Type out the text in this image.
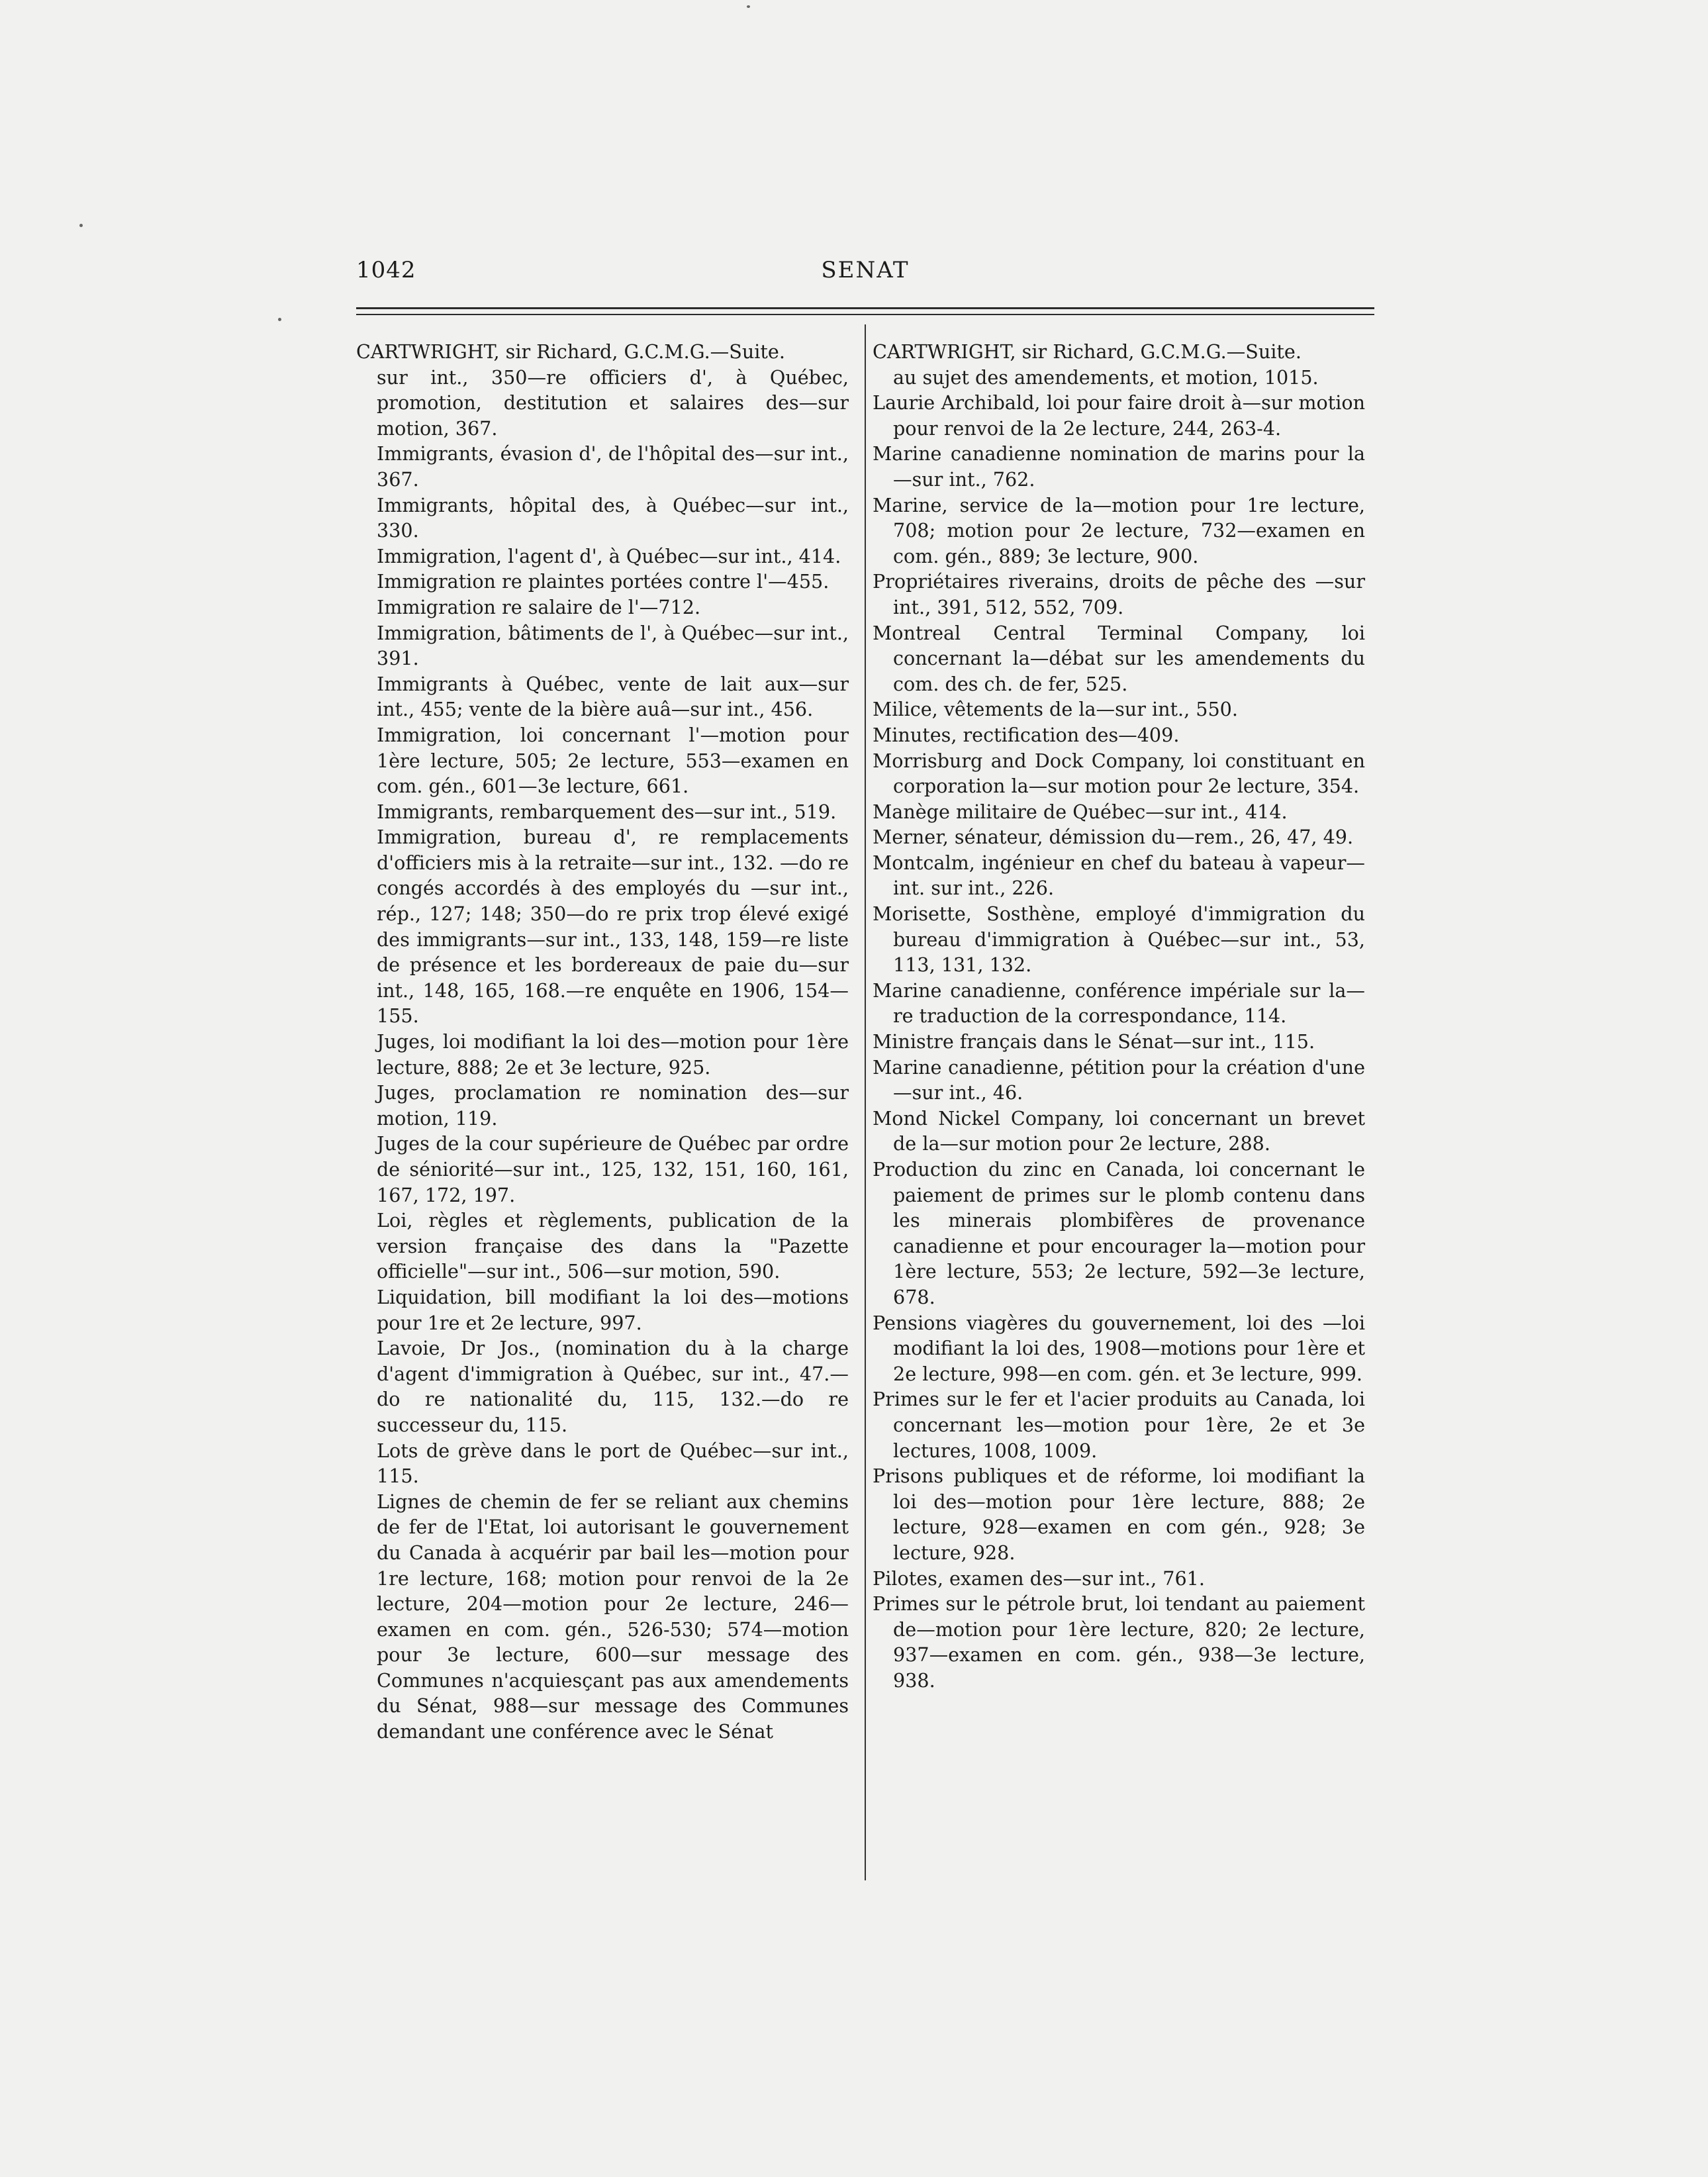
1042	SENAT
CARTWRIGHT, sir Richard, G.C.M.G.—Suite.
sur int., 350—re officiers d', à Québec, promotion, destitution et salaires des—sur motion, 367.
Immigrants, évasion d', de l'hôpital des—sur int., 367.
Immigrants, hôpital des, à Québec—sur int., 330.
Immigration, l'agent d', à Québec—sur int., 414.
Immigration re plaintes portées contre l'—455.
Immigration re salaire de l'—712.
Immigration, bâtiments de l', à Québec—sur int., 391.
Immigrants à Québec, vente de lait aux—sur int., 455; vente de la bière auâ—sur int., 456.
Immigration, loi concernant l'—motion pour 1ère lecture, 505; 2e lecture, 553—examen en com. gén., 601—3e lecture, 661.
Immigrants, rembarquement des—sur int., 519.
Immigration, bureau d', re remplacements d'officiers mis à la retraite—sur int., 132. —do re congés accordés à des employés du —sur int., rép., 127; 148; 350—do re prix trop élevé exigé des immigrants—sur int., 133, 148, 159—re liste de présence et les bordereaux de paie du—sur int., 148, 165, 168.—re enquête en 1906, 154—155.
Juges, loi modifiant la loi des—motion pour 1ère lecture, 888; 2e et 3e lecture, 925.
Juges, proclamation re nomination des—sur motion, 119.
Juges de la cour supérieure de Québec par ordre de séniorité—sur int., 125, 132, 151, 160, 161, 167, 172, 197.
Loi, règles et règlements, publication de la version française des dans la "Pazette officielle"—sur int., 506—sur motion, 590.
Liquidation, bill modifiant la loi des—motions pour 1re et 2e lecture, 997.
Lavoie, Dr Jos., (nomination du à la charge d'agent d'immigration à Québec, sur int., 47.—do re nationalité du, 115, 132.—do re successeur du, 115.
Lots de grève dans le port de Québec—sur int., 115.
Lignes de chemin de fer se reliant aux chemins de fer de l'Etat, loi autorisant le gouvernement du Canada à acquérir par bail les—motion pour 1re lecture, 168; motion pour renvoi de la 2e lecture, 204—motion pour 2e lecture, 246—examen en com. gén., 526-530; 574—motion pour 3e lecture, 600—sur message des Communes n'acquiesçant pas aux amendements du Sénat, 988—sur message des Communes demandant une conférence avec le Sénat
CARTWRIGHT, sir Richard, G.C.M.G.—Suite.
au sujet des amendements, et motion, 1015.
Laurie Archibald, loi pour faire droit à—sur motion pour renvoi de la 2e lecture, 244, 263-4.
Marine canadienne nomination de marins pour la—sur int., 762.
Marine, service de la—motion pour 1re lecture, 708; motion pour 2e lecture, 732—examen en com. gén., 889; 3e lecture, 900.
Propriétaires riverains, droits de pêche des —sur int., 391, 512, 552, 709.
Montreal Central Terminal Company, loi concernant la—débat sur les amendements du com. des ch. de fer, 525.
Milice, vêtements de la—sur int., 550.
Minutes, rectification des—409.
Morrisburg and Dock Company, loi constituant en corporation la—sur motion pour 2e lecture, 354.
Manège militaire de Québec—sur int., 414.
Merner, sénateur, démission du—rem., 26, 47, 49.
Montcalm, ingénieur en chef du bateau à vapeur—int. sur int., 226.
Morisette, Sosthène, employé d'immigration du bureau d'immigration à Québec—sur int., 53, 113, 131, 132.
Marine canadienne, conférence impériale sur la—re traduction de la correspondance, 114.
Ministre français dans le Sénat—sur int., 115.
Marine canadienne, pétition pour la création d'une—sur int., 46.
Mond Nickel Company, loi concernant un brevet de la—sur motion pour 2e lecture, 288.
Production du zinc en Canada, loi concernant le paiement de primes sur le plomb contenu dans les minerais plombifères de provenance canadienne et pour encourager la—motion pour 1ère lecture, 553; 2e lecture, 592—3e lecture, 678.
Pensions viagères du gouvernement, loi des —loi modifiant la loi des, 1908—motions pour 1ère et 2e lecture, 998—en com. gén. et 3e lecture, 999.
Primes sur le fer et l'acier produits au Canada, loi concernant les—motion pour 1ère, 2e et 3e lectures, 1008, 1009.
Prisons publiques et de réforme, loi modifiant la loi des—motion pour 1ère lecture, 888; 2e lecture, 928—examen en com gén., 928; 3e lecture, 928.
Pilotes, examen des—sur int., 761.
Primes sur le pétrole brut, loi tendant au paiement de—motion pour 1ère lecture, 820; 2e lecture, 937—examen en com. gén., 938—3e lecture, 938.
